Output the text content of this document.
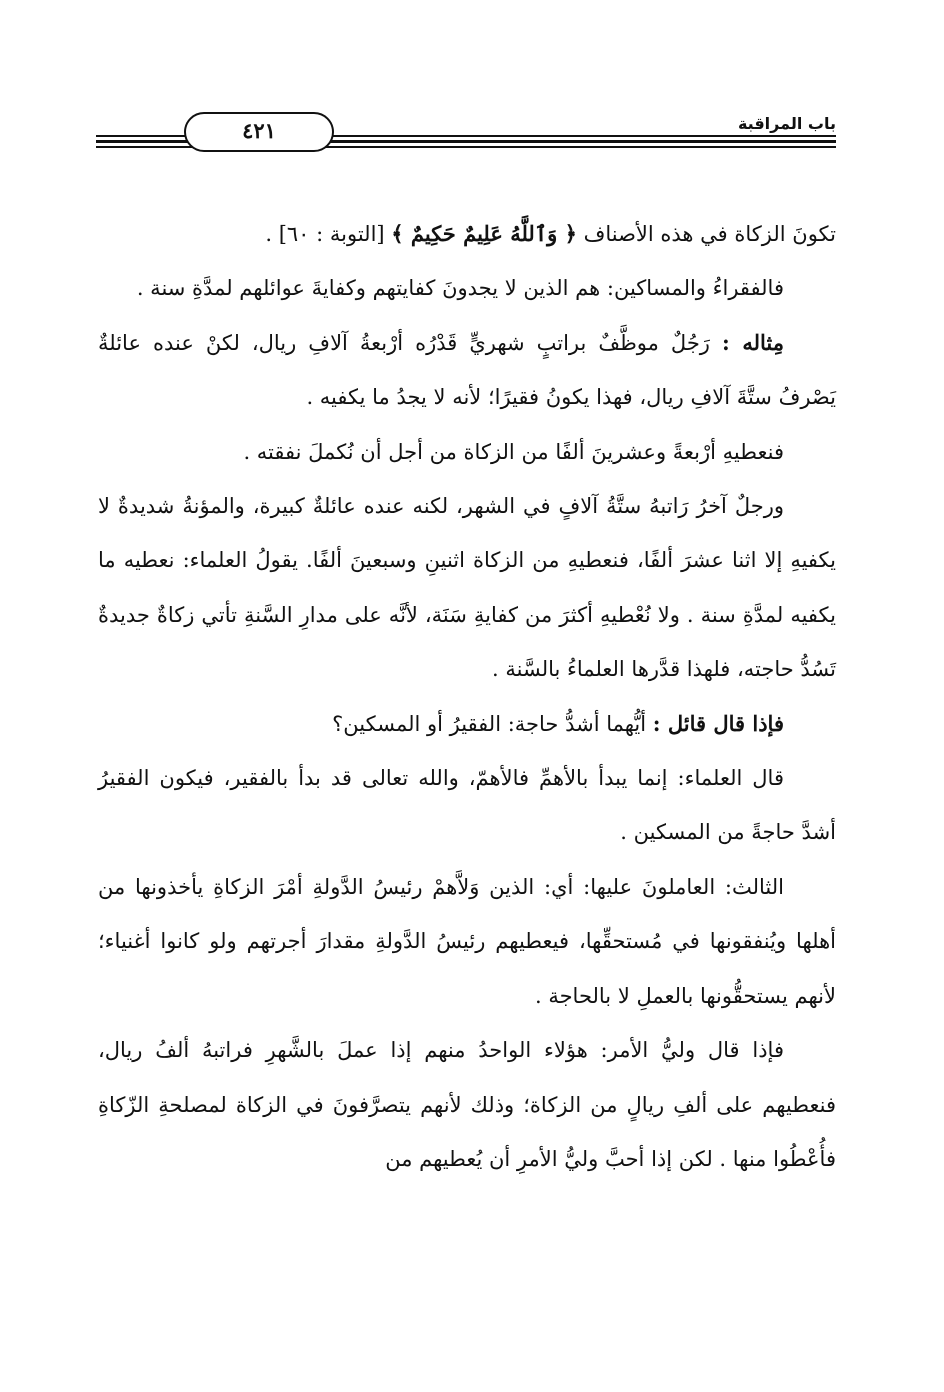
باب المراقبة
٤٢١

تكونَ الزكاة في هذه الأصناف ﴿ وَٱللَّهُ عَلِيمٌ حَكِيمٌ ﴾ [التوبة : ٦٠] .

فالفقراءُ والمساكين: هم الذين لا يجدونَ كفايتهم وكفايةَ عوائلهم لمدَّةِ سنة .

مِثاله : رَجُلٌ موظَّفٌ براتبٍ شهريٍّ قَدْرُه أرْبعةُ آلافِ ريال، لكنْ عنده عائلةٌ يَصْرفُ ستَّةَ آلافِ ريال، فهذا يكونُ فقيرًا؛ لأنه لا يجدُ ما يكفيه .

فنعطيهِ أرْبعةً وعشرينَ ألفًا من الزكاة من أجل أن نُكملَ نفقته .

ورجلٌ آخرُ رَاتبهُ ستَّةُ آلافٍ في الشهر، لكنه عنده عائلةٌ كبيرة، والمؤنةُ شديدةٌ لا يكفيهِ إلا اثنا عشرَ ألفًا، فنعطيهِ من الزكاة اثنينِ وسبعينَ ألفًا. يقولُ العلماء: نعطيه ما يكفيه لمدَّةِ سنة . ولا نُعْطيهِ أكثرَ من كفايةِ سَنَة، لأنَّه على مدارِ السَّنةِ تأتي زكاةٌ جديدةٌ تَسُدُّ حاجته، فلهذا قدَّرها العلماءُ بالسَّنة .

فإذا قال قائل : أيُّهما أشدُّ حاجة: الفقيرُ أو المسكين؟

قال العلماء: إنما يبدأ بالأهمِّ فالأهمّ، والله تعالى قد بدأ بالفقير، فيكون الفقيرُ أشدَّ حاجةً من المسكين .

الثالث: العاملونَ عليها: أي: الذين وَلاَّهمْ رئيسُ الدَّولةِ أمْرَ الزكاةِ يأخذونها من أهلها ويُنفقونها في مُستحقِّها، فيعطيهم رئيسُ الدَّولةِ مقدارَ أجرتهم ولو كانوا أغنياء؛ لأنهم يستحقُّونها بالعملِ لا بالحاجة .

فإذا قال وليُّ الأمر: هؤلاء الواحدُ منهم إذا عملَ بالشَّهرِ فراتبهُ ألفُ ريال، فنعطيهم على ألفِ ريالٍ من الزكاة؛ وذلك لأنهم يتصرَّفونَ في الزكاة لمصلحةِ الزّكاةِ فأُعْطُوا منها . لكن إذا أحبَّ وليُّ الأمرِ أن يُعطيهم من
